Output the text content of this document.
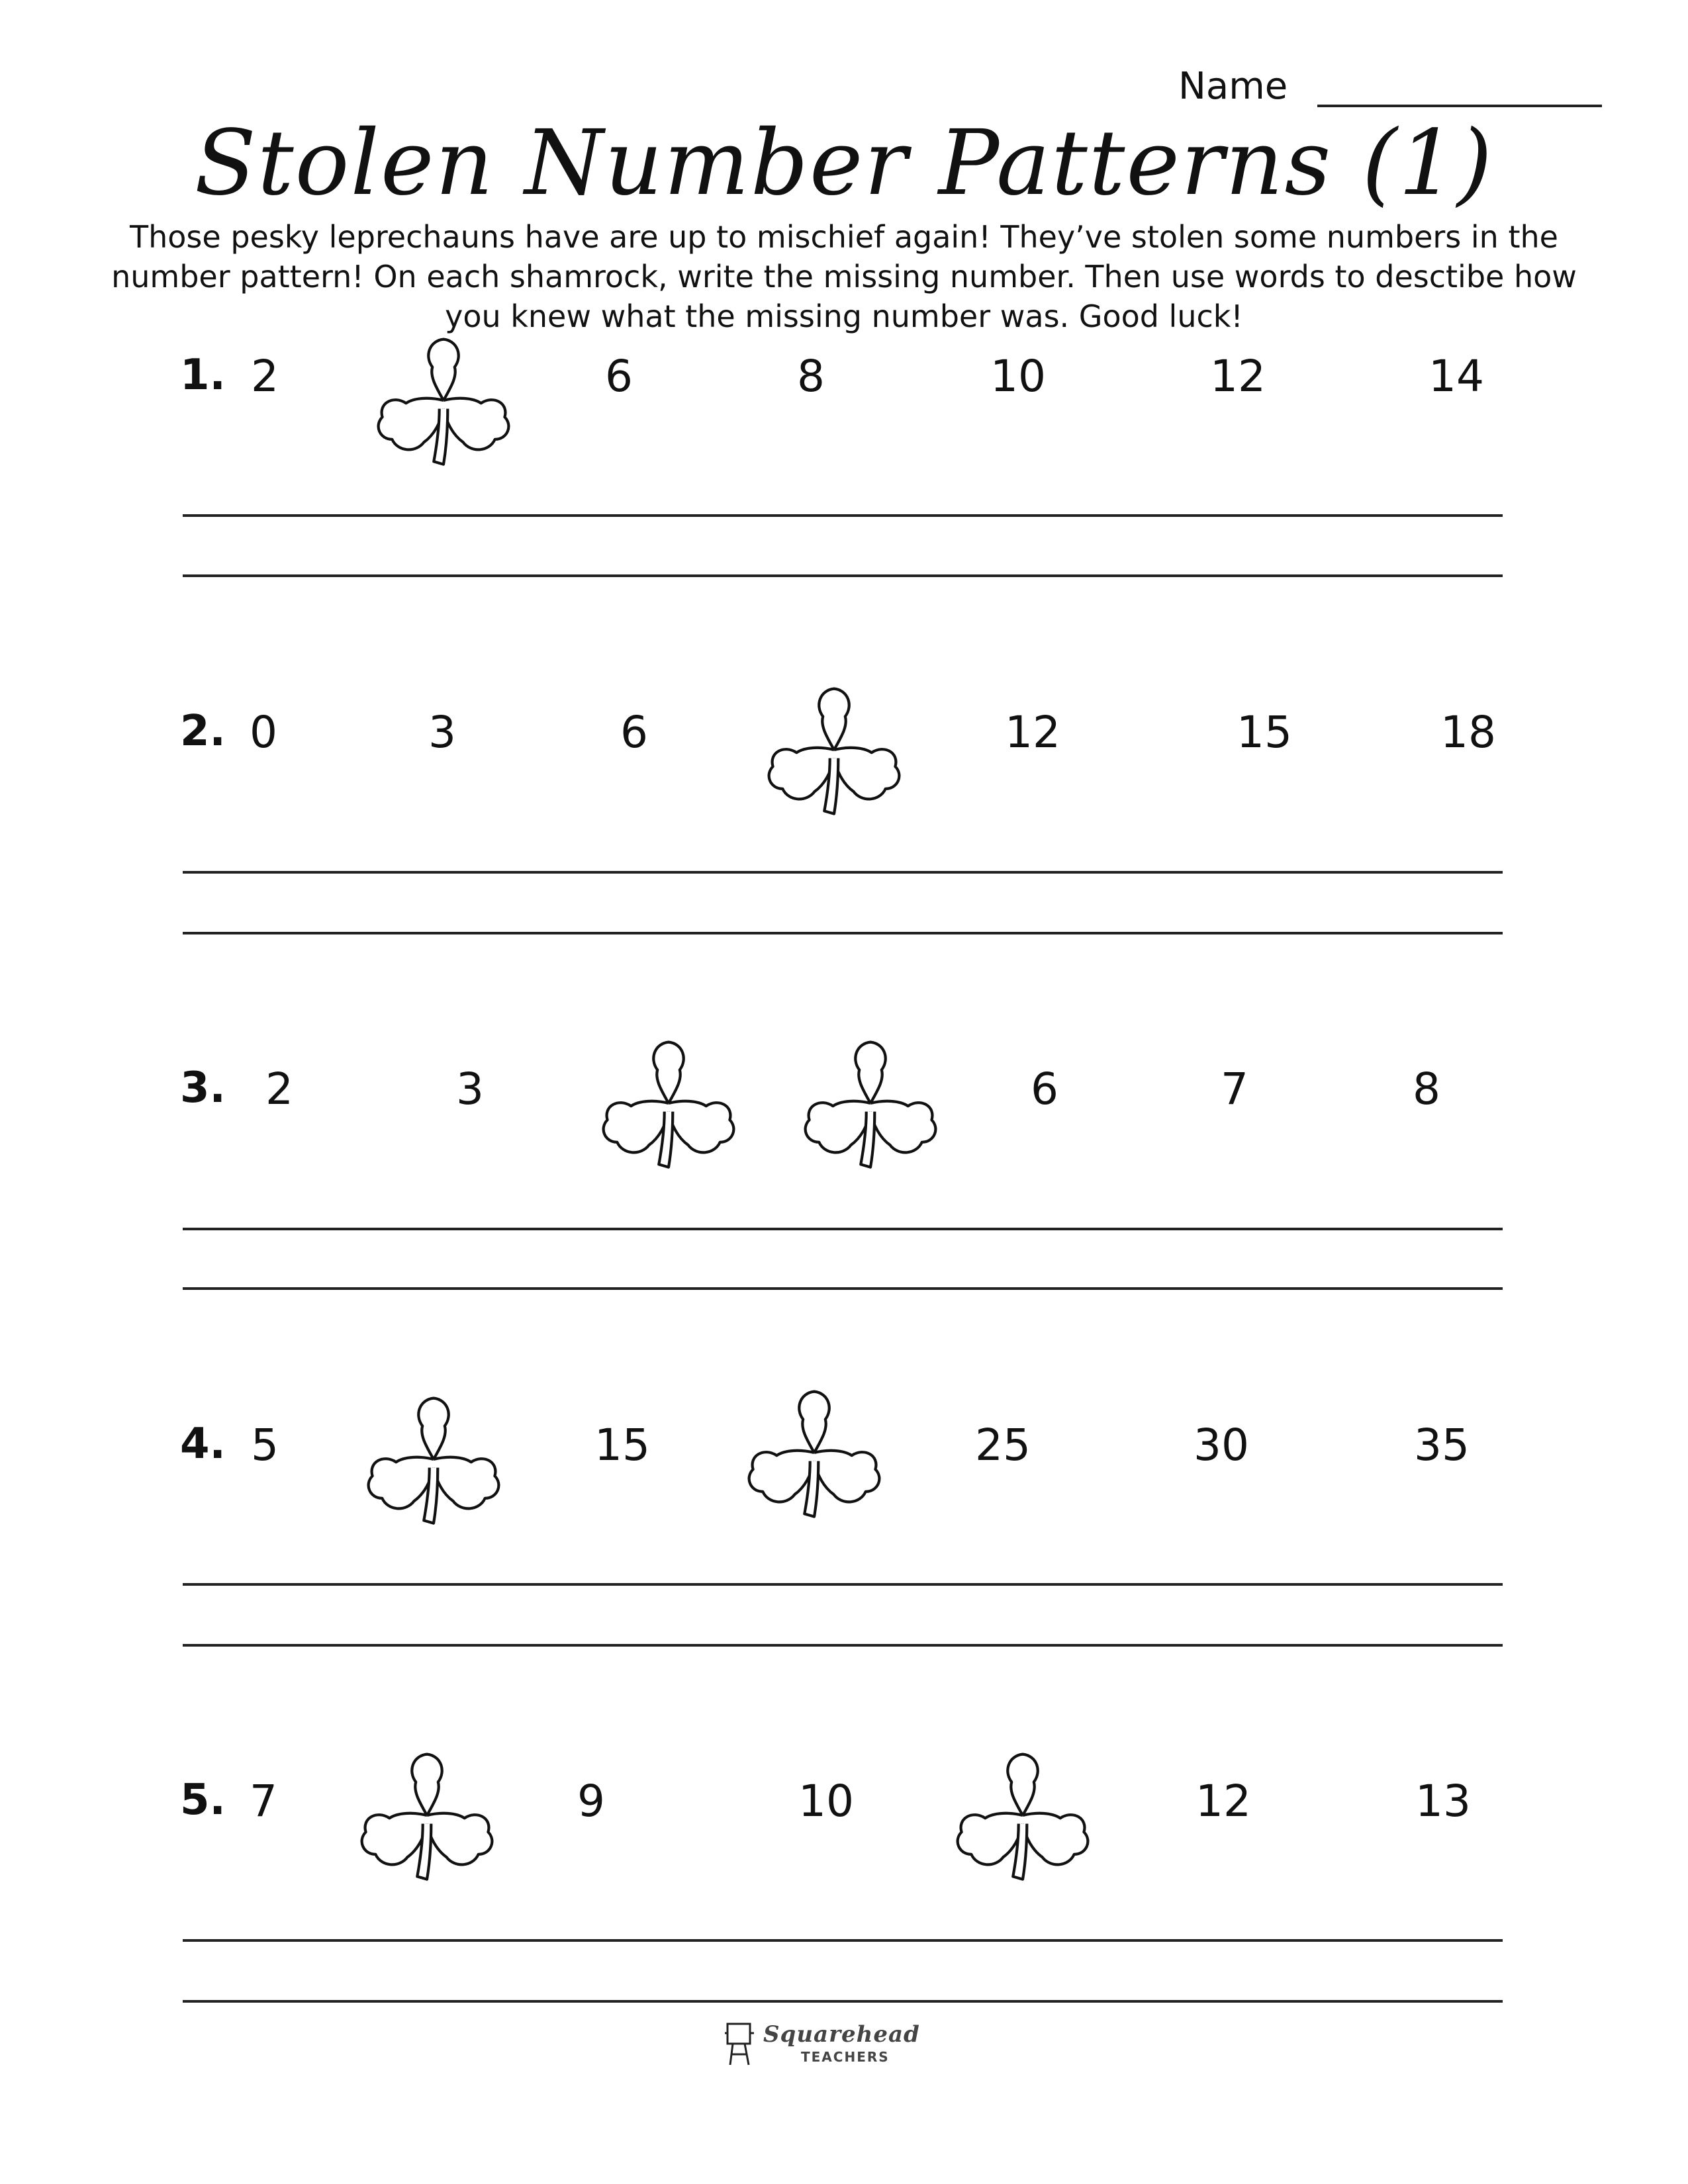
Name
Stolen Number Patterns (1)
Those pesky leprechauns have are up to mischief again! They’ve stolen some numbers in the number pattern! On each shamrock, write the missing number. Then use words to desctibe how you knew what the missing number was. Good luck!
1. 2	6	8	10	12	14
2. 0	3	6	12	15	18
3. 2	3	6	7	8
4. 5	15	25	30	35
5. 7	9	10	12	13
Squarehead
TEACHERS
